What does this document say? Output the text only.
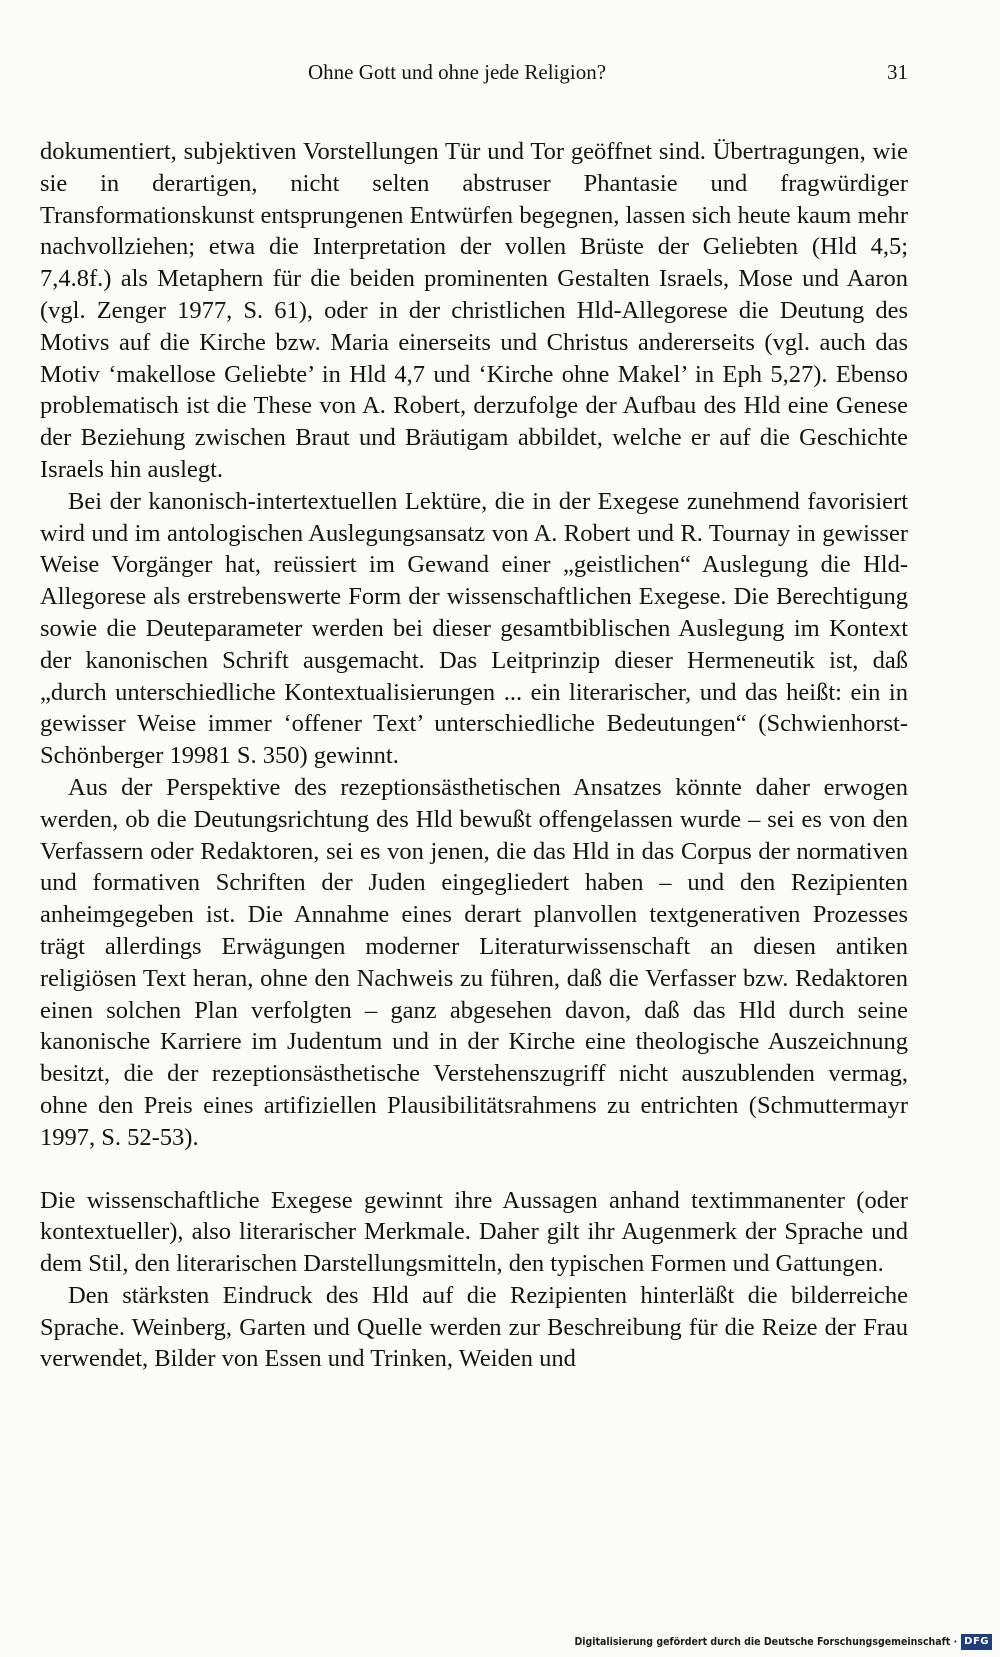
Ohne Gott und ohne jede Religion?	31

dokumentiert, subjektiven Vorstellungen Tür und Tor geöffnet sind. Übertragungen, wie sie in derartigen, nicht selten abstruser Phantasie und fragwürdiger Transformationskunst entsprungenen Entwürfen begegnen, lassen sich heute kaum mehr nachvollziehen; etwa die Interpretation der vollen Brüste der Geliebten (Hld 4,5; 7,4.8f.) als Metaphern für die beiden prominenten Gestalten Israels, Mose und Aaron (vgl. Zenger 1977, S. 61), oder in der christlichen Hld-Allegorese die Deutung des Motivs auf die Kirche bzw. Maria einerseits und Christus andererseits (vgl. auch das Motiv ‘makellose Geliebte’ in Hld 4,7 und ‘Kirche ohne Makel’ in Eph 5,27). Ebenso problematisch ist die These von A. Robert, derzufolge der Aufbau des Hld eine Genese der Beziehung zwischen Braut und Bräutigam abbildet, welche er auf die Geschichte Israels hin auslegt.

Bei der kanonisch-intertextuellen Lektüre, die in der Exegese zunehmend favorisiert wird und im antologischen Auslegungsansatz von A. Robert und R. Tournay in gewisser Weise Vorgänger hat, reüssiert im Gewand einer „geistlichen“ Auslegung die Hld-Allegorese als erstrebenswerte Form der wissenschaftlichen Exegese. Die Berechtigung sowie die Deuteparameter werden bei dieser gesamtbiblischen Auslegung im Kontext der kanonischen Schrift ausgemacht. Das Leitprinzip dieser Hermeneutik ist, daß „durch unterschiedliche Kontextualisierungen ... ein literarischer, und das heißt: ein in gewisser Weise immer ‘offener Text’ unterschiedliche Bedeutungen“ (Schwienhorst-Schönberger 19981 S. 350) gewinnt.

Aus der Perspektive des rezeptionsästhetischen Ansatzes könnte daher erwogen werden, ob die Deutungsrichtung des Hld bewußt offengelassen wurde – sei es von den Verfassern oder Redaktoren, sei es von jenen, die das Hld in das Corpus der normativen und formativen Schriften der Juden eingegliedert haben – und den Rezipienten anheimgegeben ist. Die Annahme eines derart planvollen textgenerativen Prozesses trägt allerdings Erwägungen moderner Literaturwissenschaft an diesen antiken religiösen Text heran, ohne den Nachweis zu führen, daß die Verfasser bzw. Redaktoren einen solchen Plan verfolgten – ganz abgesehen davon, daß das Hld durch seine kanonische Karriere im Judentum und in der Kirche eine theologische Auszeichnung besitzt, die der rezeptionsästhetische Verstehenszugriff nicht auszublenden vermag, ohne den Preis eines artifiziellen Plausibilitätsrahmens zu entrichten (Schmuttermayr 1997, S. 52-53).

Die wissenschaftliche Exegese gewinnt ihre Aussagen anhand textimmanenter (oder kontextueller), also literarischer Merkmale. Daher gilt ihr Augenmerk der Sprache und dem Stil, den literarischen Darstellungsmitteln, den typischen Formen und Gattungen.

Den stärksten Eindruck des Hld auf die Rezipienten hinterläßt die bilderreiche Sprache. Weinberg, Garten und Quelle werden zur Beschreibung für die Reize der Frau verwendet, Bilder von Essen und Trinken, Weiden und

Digitalisierung gefördert durch die Deutsche Forschungsgemeinschaft · DFG
